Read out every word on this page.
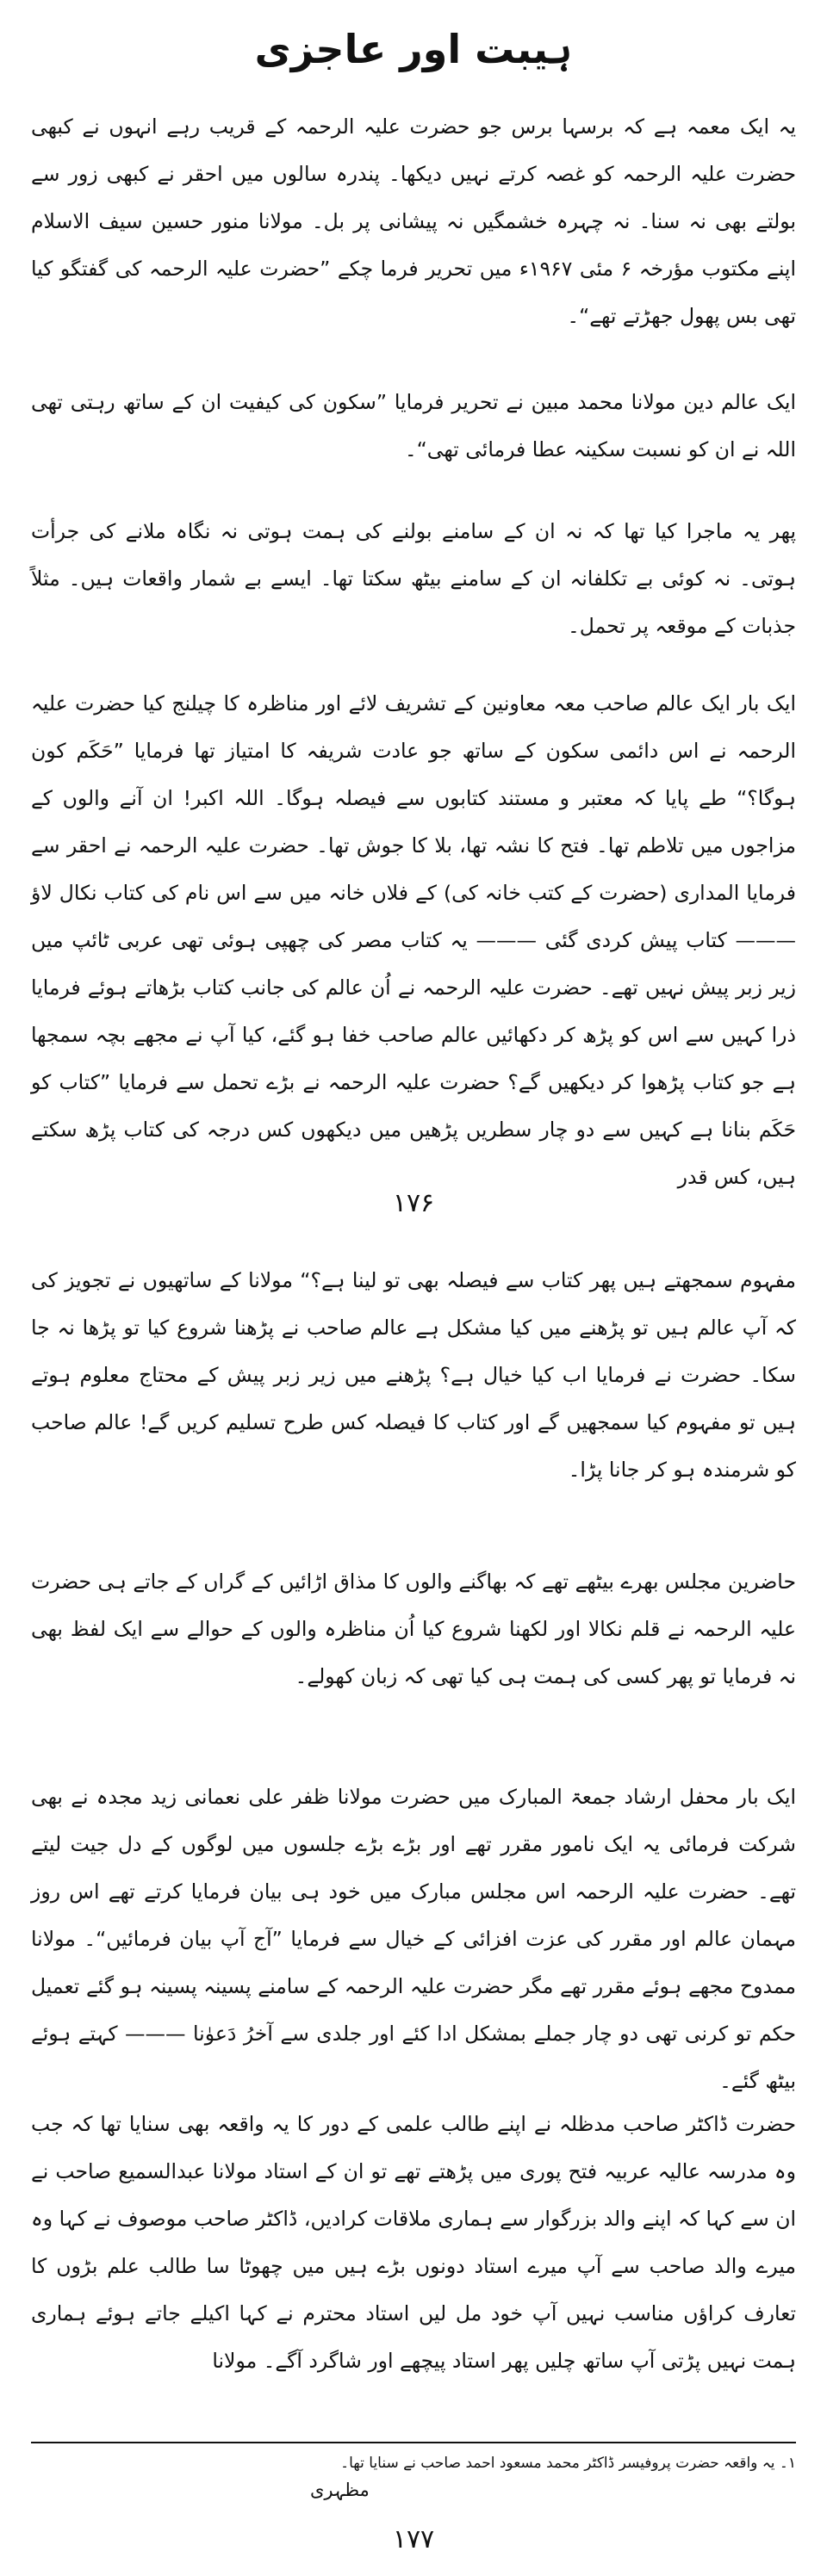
ہیبت اور عاجزی

یہ ایک معمہ ہے کہ برسہا برس جو حضرت علیہ الرحمہ کے قریب رہے انہوں نے کبھی حضرت علیہ الرحمہ کو غصہ کرتے نہیں دیکھا۔ پندرہ سالوں میں احقر نے کبھی زور سے بولتے بھی نہ سنا۔ نہ چہرہ خشمگیں نہ پیشانی پر بل۔ مولانا منور حسین سیف الاسلام اپنے مکتوب مؤرخہ ۶ مئی ۱۹۶۷ء میں تحریر فرما چکے ”حضرت علیہ الرحمہ کی گفتگو کیا تھی بس پھول جھڑتے تھے“۔

ایک عالم دین مولانا محمد مبین نے تحریر فرمایا ”سکون کی کیفیت ان کے ساتھ رہتی تھی اللہ نے ان کو نسبت سکینہ عطا فرمائی تھی“۔

پھر یہ ماجرا کیا تھا کہ نہ ان کے سامنے بولنے کی ہمت ہوتی نہ نگاہ ملانے کی جرأت ہوتی۔ نہ کوئی بے تکلفانہ ان کے سامنے بیٹھ سکتا تھا۔ ایسے بے شمار واقعات ہیں۔ مثلاً جذبات کے موقعہ پر تحمل۔

ایک بار ایک عالم صاحب معہ معاونین کے تشریف لائے اور مناظرہ کا چیلنج کیا حضرت علیہ الرحمہ نے اس دائمی سکون کے ساتھ جو عادت شریفہ کا امتیاز تھا فرمایا ”حَکَم کون ہوگا؟“ طے پایا کہ معتبر و مستند کتابوں سے فیصلہ ہوگا۔ اللہ اکبر! ان آنے والوں کے مزاجوں میں تلاطم تھا۔ فتح کا نشہ تھا، بلا کا جوش تھا۔ حضرت علیہ الرحمہ نے احقر سے فرمایا المداری (حضرت کے کتب خانہ کی) کے فلاں خانہ میں سے اس نام کی کتاب نکال لاؤ ——— کتاب پیش کردی گئی ——— یہ کتاب مصر کی چھپی ہوئی تھی عربی ٹائپ میں زیر زبر پیش نہیں تھے۔ حضرت علیہ الرحمہ نے اُن عالم کی جانب کتاب بڑھاتے ہوئے فرمایا ذرا کہیں سے اس کو پڑھ کر دکھائیں عالم صاحب خفا ہو گئے، کیا آپ نے مجھے بچہ سمجھا ہے جو کتاب پڑھوا کر دیکھیں گے؟ حضرت علیہ الرحمہ نے بڑے تحمل سے فرمایا ”کتاب کو حَکَم بنانا ہے کہیں سے دو چار سطریں پڑھیں میں دیکھوں کس درجہ کی کتاب پڑھ سکتے ہیں، کس قدر

۱۷۶

مفہوم سمجھتے ہیں پھر کتاب سے فیصلہ بھی تو لینا ہے؟“ مولانا کے ساتھیوں نے تجویز کی کہ آپ عالم ہیں تو پڑھنے میں کیا مشکل ہے عالم صاحب نے پڑھنا شروع کیا تو پڑھا نہ جا سکا۔ حضرت نے فرمایا اب کیا خیال ہے؟ پڑھنے میں زیر زبر پیش کے محتاج معلوم ہوتے ہیں تو مفہوم کیا سمجھیں گے اور کتاب کا فیصلہ کس طرح تسلیم کریں گے! عالم صاحب کو شرمندہ ہو کر جانا پڑا۔

حاضرین مجلس بھرے بیٹھے تھے کہ بھاگنے والوں کا مذاق اڑائیں کے گراں کے جاتے ہی حضرت علیہ الرحمہ نے قلم نکالا اور لکھنا شروع کیا اُن مناظرہ والوں کے حوالے سے ایک لفظ بھی نہ فرمایا تو پھر کسی کی ہمت ہی کیا تھی کہ زبان کھولے۔

ایک بار محفل ارشاد جمعۃ المبارک میں حضرت مولانا ظفر علی نعمانی زید مجدہ نے بھی شرکت فرمائی یہ ایک نامور مقرر تھے اور بڑے بڑے جلسوں میں لوگوں کے دل جیت لیتے تھے۔ حضرت علیہ الرحمہ اس مجلس مبارک میں خود ہی بیان فرمایا کرتے تھے اس روز مہمان عالم اور مقرر کی عزت افزائی کے خیال سے فرمایا ”آج آپ بیان فرمائیں“۔ مولانا ممدوح مجھے ہوئے مقرر تھے مگر حضرت علیہ الرحمہ کے سامنے پسینہ پسینہ ہو گئے تعمیل حکم تو کرنی تھی دو چار جملے بمشکل ادا کئے اور جلدی سے آخرُ دَعوٰنا ——— کہتے ہوئے بیٹھ گئے۔

حضرت ڈاکٹر صاحب مدظلہ نے اپنے طالب علمی کے دور کا یہ واقعہ بھی سنایا تھا کہ جب وہ مدرسہ عالیہ عربیہ فتح پوری میں پڑھتے تھے تو ان کے استاد مولانا عبدالسمیع صاحب نے ان سے کہا کہ اپنے والد بزرگوار سے ہماری ملاقات کرادیں، ڈاکٹر صاحب موصوف نے کہا وہ میرے والد صاحب سے آپ میرے استاد دونوں بڑے ہیں میں چھوٹا سا طالب علم بڑوں کا تعارف کراؤں مناسب نہیں آپ خود مل لیں استاد محترم نے کہا اکیلے جاتے ہوئے ہماری ہمت نہیں پڑتی آپ ساتھ چلیں پھر استاد پیچھے اور شاگرد آگے۔ مولانا

۱۔ یہ واقعہ حضرت پروفیسر ڈاکٹر محمد مسعود احمد صاحب نے سنایا تھا۔
مظہری
۱۷۷
